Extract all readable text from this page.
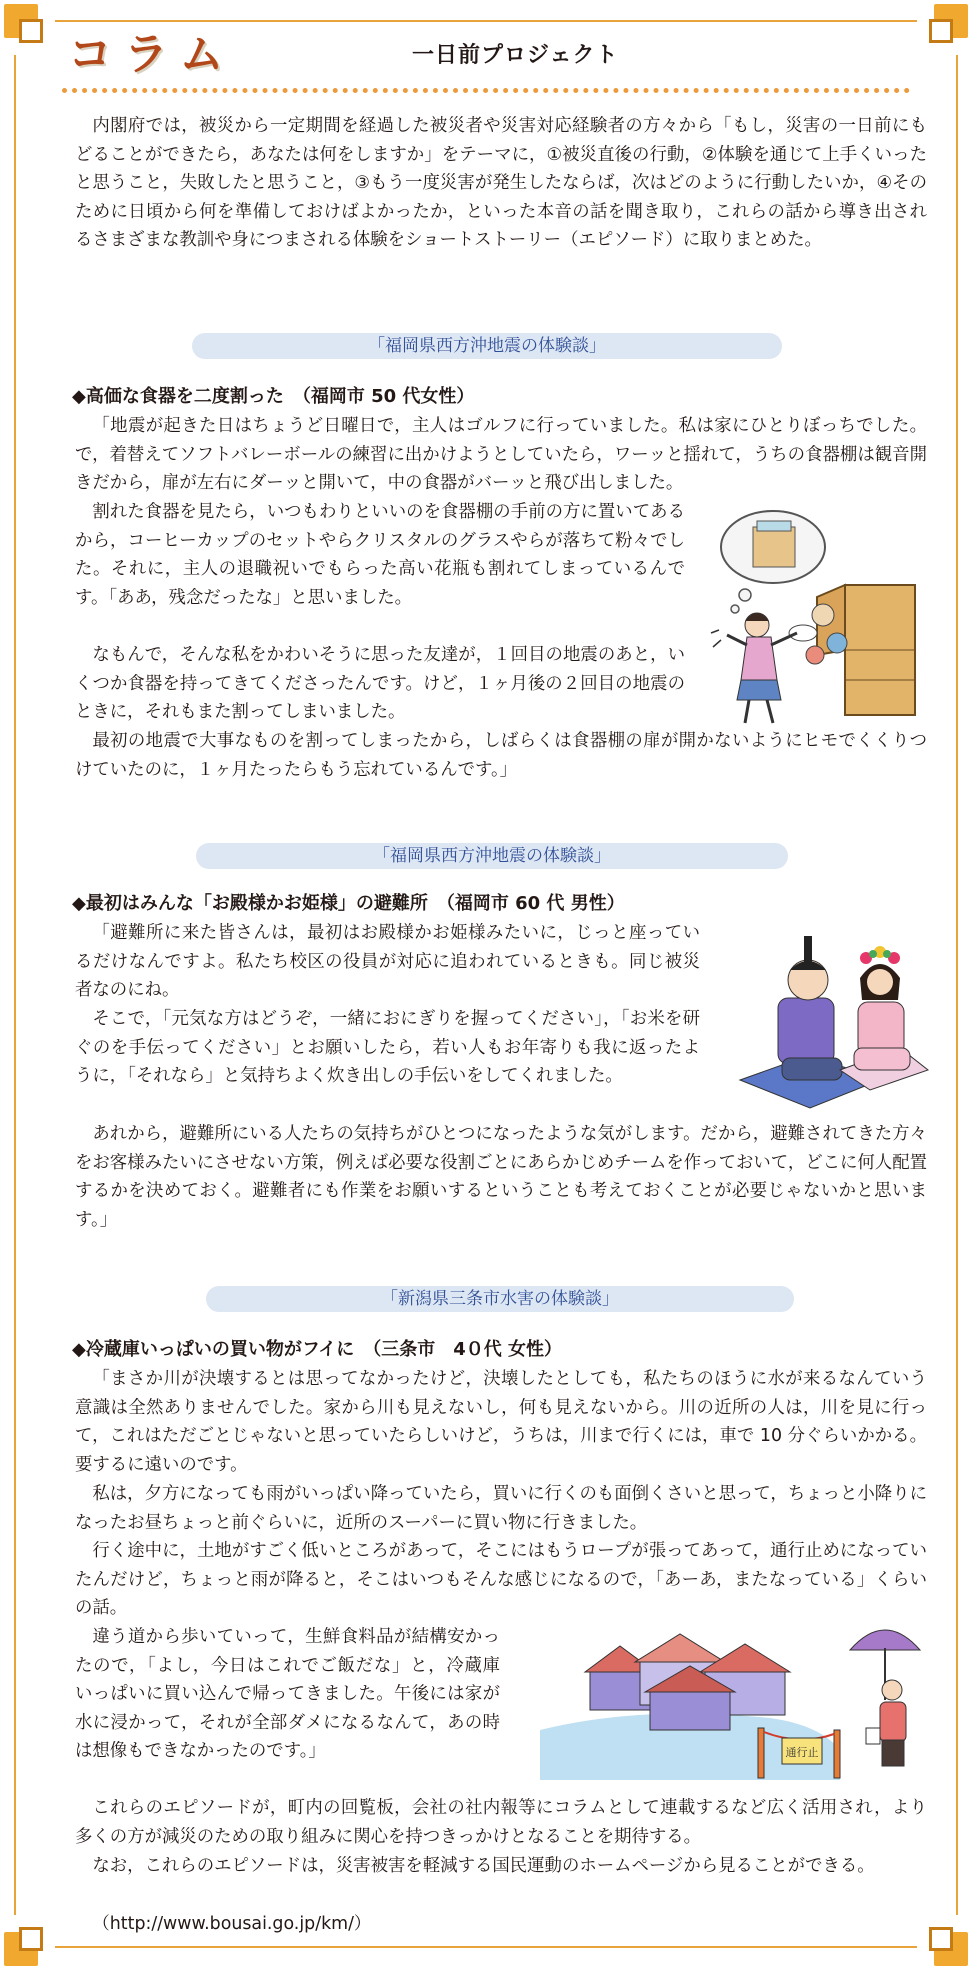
コラム	一日前プロジェクト

内閣府では，被災から一定期間を経過した被災者や災害対応経験者の方々から「もし，災害の一日前にもどることができたら，あなたは何をしますか」をテーマに，①被災直後の行動，②体験を通じて上手くいったと思うこと，失敗したと思うこと，③もう一度災害が発生したならば，次はどのように行動したいか，④そのために日頃から何を準備しておけばよかったか，といった本音の話を聞き取り，これらの話から導き出されるさまざまな教訓や身につまされる体験をショートストーリー（エピソード）に取りまとめた。

「福岡県西方沖地震の体験談」

◆高価な食器を二度割った　（福岡市 50 代女性）

「地震が起きた日はちょうど日曜日で，主人はゴルフに行っていました。私は家にひとりぼっちでした。で，着替えてソフトバレーボールの練習に出かけようとしていたら，ワーッと揺れて，うちの食器棚は観音開きだから，扉が左右にダーッと開いて，中の食器がバーッと飛び出しました。

割れた食器を見たら，いつもわりといいのを食器棚の手前の方に置いてあるから，コーヒーカップのセットやらクリスタルのグラスやらが落ちて粉々でした。それに，主人の退職祝いでもらった高い花瓶も割れてしまっているんです。「ああ，残念だったな」と思いました。

なもんで，そんな私をかわいそうに思った友達が，１回目の地震のあと，いくつか食器を持ってきてくださったんです。けど，１ヶ月後の２回目の地震のときに，それもまた割ってしまいました。

最初の地震で大事なものを割ってしまったから，しばらくは食器棚の扉が開かないようにヒモでくくりつけていたのに，１ヶ月たったらもう忘れているんです。」

「福岡県西方沖地震の体験談」

◆最初はみんな「お殿様かお姫様」の避難所　（福岡市 60 代 男性）

「避難所に来た皆さんは，最初はお殿様かお姫様みたいに，じっと座っているだけなんですよ。私たち校区の役員が対応に追われているときも。同じ被災者なのにね。

そこで，「元気な方はどうぞ，一緒におにぎりを握ってください」，「お米を研ぐのを手伝ってください」とお願いしたら，若い人もお年寄りも我に返ったように，「それなら」と気持ちよく炊き出しの手伝いをしてくれました。

あれから，避難所にいる人たちの気持ちがひとつになったような気がします。だから，避難されてきた方々をお客様みたいにさせない方策，例えば必要な役割ごとにあらかじめチームを作っておいて，どこに何人配置するかを決めておく。避難者にも作業をお願いするということも考えておくことが必要じゃないかと思います。」

「新潟県三条市水害の体験談」

◆冷蔵庫いっぱいの買い物がフイに　（三条市　4０代 女性）

「まさか川が決壊するとは思ってなかったけど，決壊したとしても，私たちのほうに水が来るなんていう意識は全然ありませんでした。家から川も見えないし，何も見えないから。川の近所の人は，川を見に行って，これはただごとじゃないと思っていたらしいけど，うちは，川まで行くには，車で 10 分ぐらいかかる。要するに遠いのです。

私は，夕方になっても雨がいっぱい降っていたら，買いに行くのも面倒くさいと思って，ちょっと小降りになったお昼ちょっと前ぐらいに，近所のスーパーに買い物に行きました。

行く途中に，土地がすごく低いところがあって，そこにはもうロープが張ってあって，通行止めになっていたんだけど，ちょっと雨が降ると，そこはいつもそんな感じになるので，「あーあ，またなっている」くらいの話。

違う道から歩いていって，生鮮食料品が結構安かったので，「よし，今日はこれでご飯だな」と，冷蔵庫いっぱいに買い込んで帰ってきました。午後には家が水に浸かって，それが全部ダメになるなんて，あの時は想像もできなかったのです。」	通行止

これらのエピソードが，町内の回覧板，会社の社内報等にコラムとして連載するなど広く活用され，より多くの方が減災のための取り組みに関心を持つきっかけとなることを期待する。

なお，これらのエピソードは，災害被害を軽減する国民運動のホームページから見ることができる。

（http://www.bousai.go.jp/km/）
